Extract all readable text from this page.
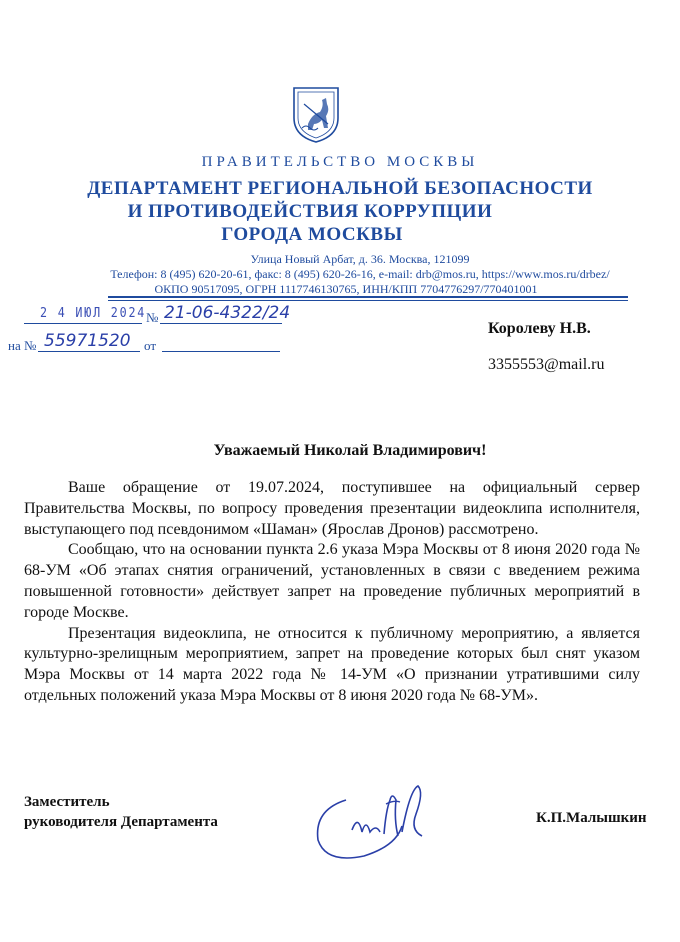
ПРАВИТЕЛЬСТВО МОСКВЫ
ДЕПАРТАМЕНТ РЕГИОНАЛЬНОЙ БЕЗОПАСНОСТИ
И ПРОТИВОДЕЙСТВИЯ КОРРУПЦИИ
ГОРОДА МОСКВЫ
Улица Новый Арбат, д. 36. Москва, 121099
Телефон: 8 (495) 620-20-61, факс: 8 (495) 620-26-16, e-mail: drb@mos.ru, https://www.mos.ru/drbez/
ОКПО 90517095, ОГРН 1117746130765, ИНН/КПП 7704776297/770401001
2 4 ИЮЛ 2024 № 21-06-4322/24
на № 55971520 от
Королеву Н.В.
3355553@mail.ru
Уважаемый Николай Владимирович!

Ваше обращение от 19.07.2024, поступившее на официальный сервер Правительства Москвы, по вопросу проведения презентации видеоклипа исполнителя, выступающего под псевдонимом «Шаман» (Ярослав Дронов) рассмотрено.

Сообщаю, что на основании пункта 2.6 указа Мэра Москвы от 8 июня 2020 года № 68-УМ «Об этапах снятия ограничений, установленных в связи с введением режима повышенной готовности» действует запрет на проведение публичных мероприятий в городе Москве.

Презентация видеоклипа, не относится к публичному мероприятию, а является культурно-зрелищным мероприятием, запрет на проведение которых был снят указом Мэра Москвы от 14 марта 2022 года № 14-УМ «О признании утратившими силу отдельных положений указа Мэра Москвы от 8 июня 2020 года № 68-УМ».

Заместитель
руководителя Департамента	К.П.Малышкин
